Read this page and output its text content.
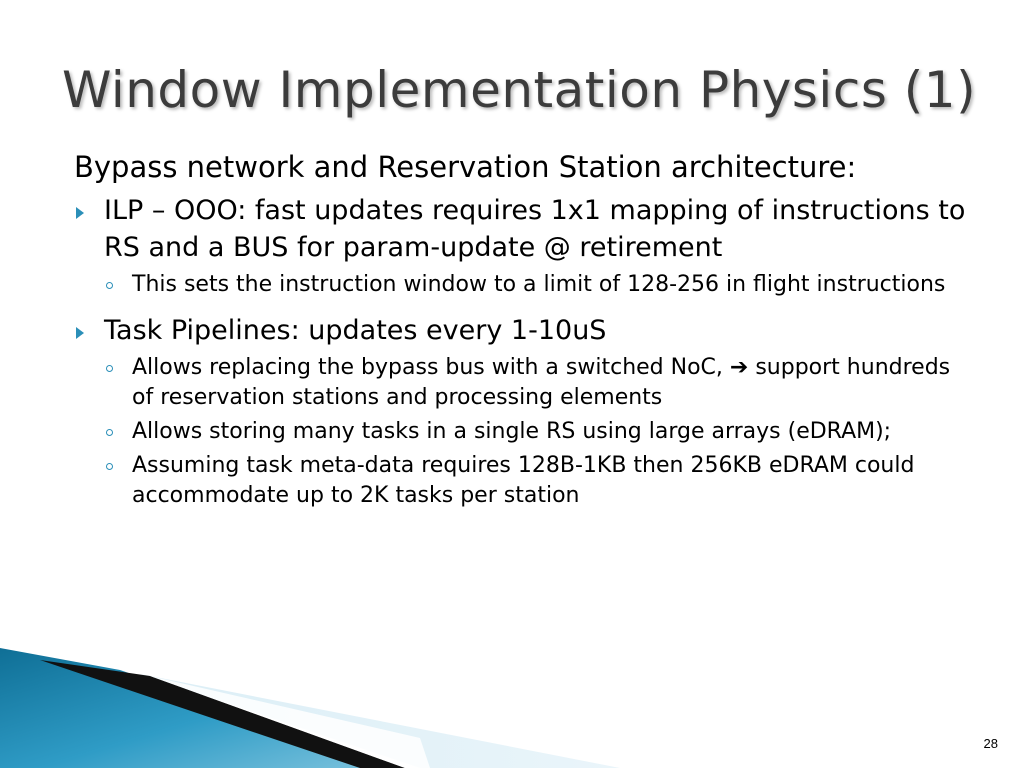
Window Implementation Physics (1)
Bypass network and Reservation Station architecture:
ILP – OOO: fast updates requires 1x1 mapping of instructions to RS and a BUS for param-update @ retirement
This sets the instruction window to a limit of 128-256 in flight instructions
Task Pipelines: updates every 1-10uS
Allows replacing the bypass bus with a switched NoC, ➔ support hundreds of reservation stations and processing elements
Allows storing many tasks in a single RS using large arrays (eDRAM);
Assuming task meta-data requires 128B-1KB then 256KB eDRAM could accommodate up to 2K tasks per station
28
